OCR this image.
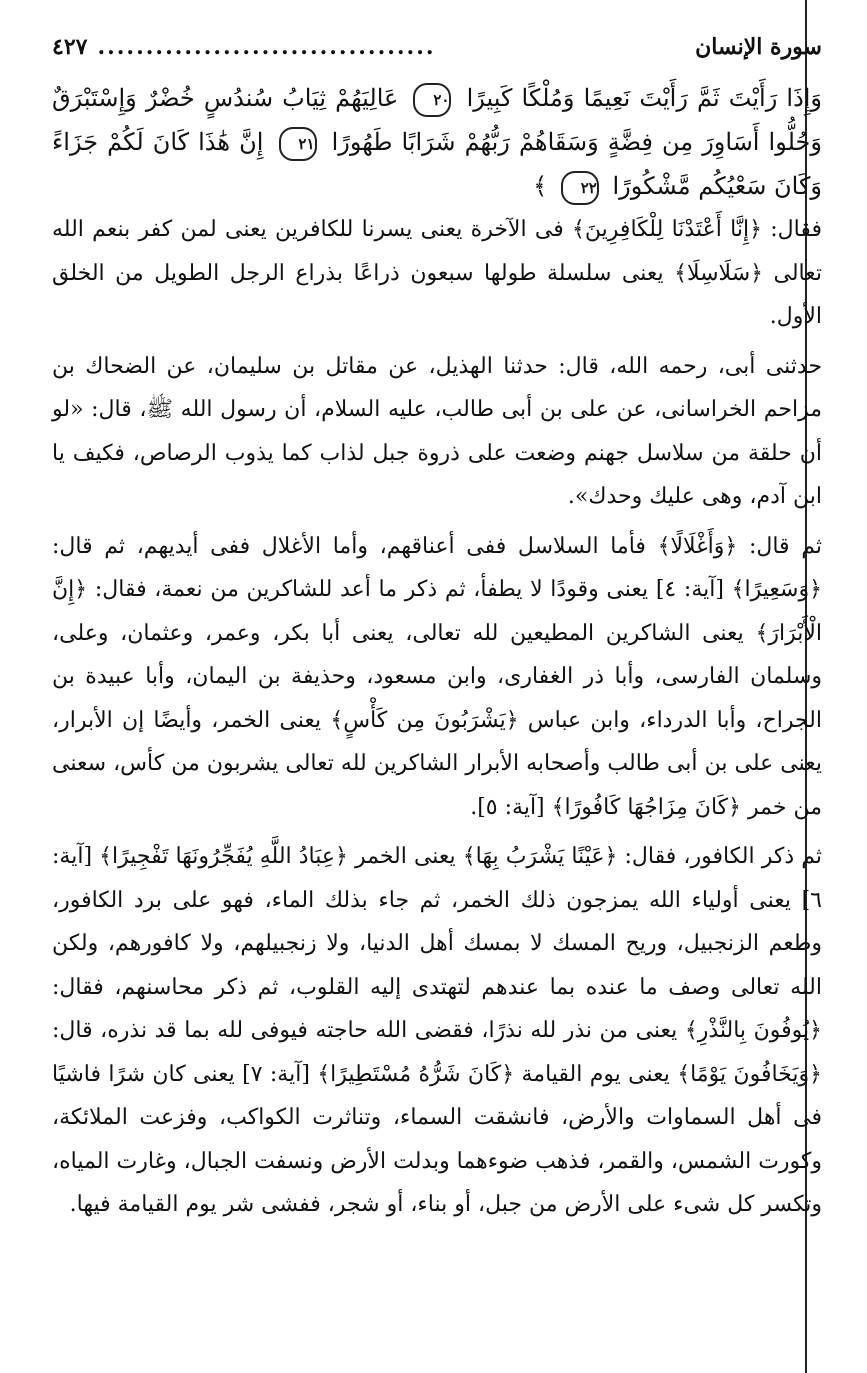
سورة الإنسان
...................................
٤٢٧
وَإِذَا رَأَيْتَ ثَمَّ رَأَيْتَ نَعِيمًا وَمُلْكًا كَبِيرًا ٢٠ عَالِيَهُمْ ثِيَابُ سُندُسٍ خُضْرٌ وَإِسْتَبْرَقٌ وَحُلُّوا أَسَاوِرَ مِن فِضَّةٍ وَسَقَاهُمْ رَبُّهُمْ شَرَابًا طَهُورًا ٢١ إِنَّ هَٰذَا كَانَ لَكُمْ جَزَاءً وَكَانَ سَعْيُكُم مَّشْكُورًا ٢٢ ﴾

فقال: ﴿إِنَّا أَعْتَدْنَا لِلْكَافِرِينَ﴾ فى الآخرة يعنى يسرنا للكافرين يعنى لمن كفر بنعم الله تعالى ﴿سَلَاسِلَا﴾ يعنى سلسلة طولها سبعون ذراعًا بذراع الرجل الطويل من الخلق الأول.

حدثنى أبى، رحمه الله، قال: حدثنا الهذيل، عن مقاتل بن سليمان، عن الضحاك بن مزاحم الخراسانى، عن على بن أبى طالب، عليه السلام، أن رسول الله ﷺ، قال: «لو أن حلقة من سلاسل جهنم وضعت على ذروة جبل لذاب كما يذوب الرصاص، فكيف يا ابن آدم، وهى عليك وحدك».

ثم قال: ﴿وَأَغْلَالًا﴾ فأما السلاسل ففى أعناقهم، وأما الأغلال ففى أيديهم، ثم قال: ﴿وَسَعِيرًا﴾ [آية: ٤] يعنى وقودًا لا يطفأ، ثم ذكر ما أعد للشاكرين من نعمة، فقال: ﴿إِنَّ الْأَبْرَارَ﴾ يعنى الشاكرين المطيعين لله تعالى، يعنى أبا بكر، وعمر، وعثمان، وعلى، وسلمان الفارسى، وأبا ذر الغفارى، وابن مسعود، وحذيفة بن اليمان، وأبا عبيدة بن الجراح، وأبا الدرداء، وابن عباس ﴿يَشْرَبُونَ مِن كَأْسٍ﴾ يعنى الخمر، وأيضًا إن الأبرار، يعنى على بن أبى طالب وأصحابه الأبرار الشاكرين لله تعالى يشربون من كأس، سعنى من خمر ﴿كَانَ مِزَاجُهَا كَافُورًا﴾ [آية: ٥].

ثم ذكر الكافور، فقال: ﴿عَيْنًا يَشْرَبُ بِهَا﴾ يعنى الخمر ﴿عِبَادُ اللَّهِ يُفَجِّرُونَهَا تَفْجِيرًا﴾ [آية: ٦] يعنى أولياء الله يمزجون ذلك الخمر، ثم جاء بذلك الماء، فهو على برد الكافور، وطعم الزنجبيل، وريح المسك لا بمسك أهل الدنيا، ولا زنجبيلهم، ولا كافورهم، ولكن الله تعالى وصف ما عنده بما عندهم لتهتدى إليه القلوب، ثم ذكر محاسنهم، فقال: ﴿يُوفُونَ بِالنَّذْرِ﴾ يعنى من نذر لله نذرًا، فقضى الله حاجته فيوفى لله بما قد نذره، قال: ﴿وَيَخَافُونَ يَوْمًا﴾ يعنى يوم القيامة ﴿كَانَ شَرُّهُ مُسْتَطِيرًا﴾ [آية: ٧] يعنى كان شرًا فاشيًا فى أهل السماوات والأرض، فانشقت السماء، وتناثرت الكواكب، وفزعت الملائكة، وكورت الشمس، والقمر، فذهب ضوءهما وبدلت الأرض ونسفت الجبال، وغارت المياه، وتكسر كل شىء على الأرض من جبل، أو بناء، أو شجر، ففشى شر يوم القيامة فيها.
